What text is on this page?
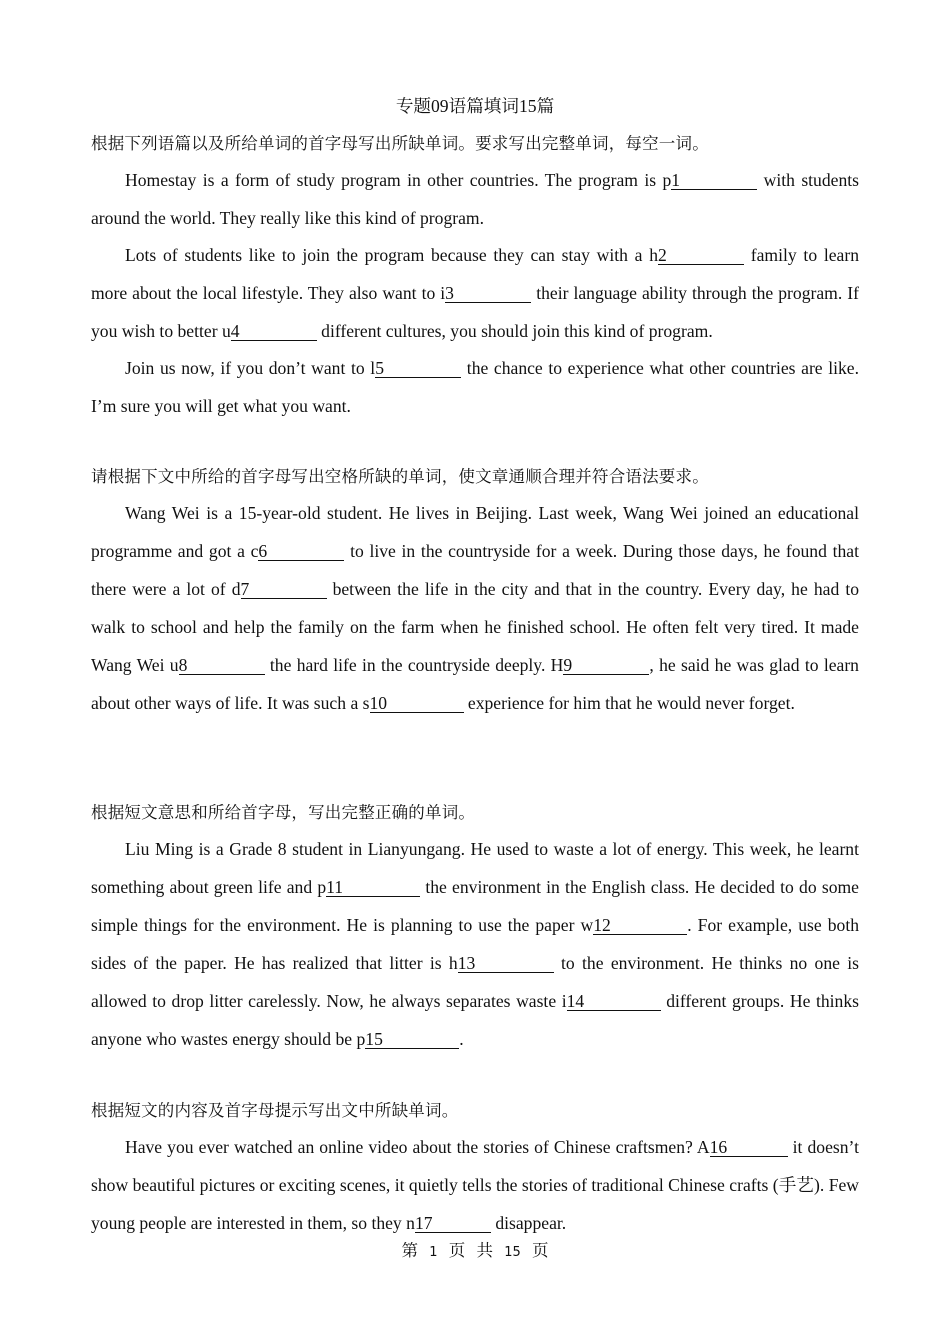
专题09语篇填词15篇
根据下列语篇以及所给单词的首字母写出所缺单词。要求写出完整单词，每空一词。
Homestay is a form of study program in other countries. The program is p1	with students around the world. They really like this kind of program.
Lots of students like to join the program because they can stay with a h2	family to learn more about the local lifestyle. They also want to i3	their language ability through the program. If you wish to better u4	different cultures, you should join this kind of program.
Join us now, if you don’t want to l5	the chance to experience what other countries are like. I’m sure you will get what you want.
请根据下文中所给的首字母写出空格所缺的单词，使文章通顺合理并符合语法要求。
Wang Wei is a 15-year-old student. He lives in Beijing. Last week, Wang Wei joined an educational programme and got a c6	to live in the countryside for a week. During those days, he found that there were a lot of d7	between the life in the city and that in the country. Every day, he had to walk to school and help the family on the farm when he finished school. He often felt very tired. It made Wang Wei u8	the hard life in the countryside deeply. H9	, he said he was glad to learn about other ways of life. It was such a s10	experience for him that he would never forget.
根据短文意思和所给首字母，写出完整正确的单词。
Liu Ming is a Grade 8 student in Lianyungang. He used to waste a lot of energy. This week, he learnt something about green life and p11	the environment in the English class. He decided to do some simple things for the environment. He is planning to use the paper w12	. For example, use both sides of the paper. He has realized that litter is h13	to the environment. He thinks no one is allowed to drop litter carelessly. Now, he always separates waste i14	different groups. He thinks anyone who wastes energy should be p15	.
根据短文的内容及首字母提示写出文中所缺单词。
Have you ever watched an online video about the stories of Chinese craftsmen? A16	it doesn’t show beautiful pictures or exciting scenes, it quietly tells the stories of traditional Chinese crafts (手艺). Few young people are interested in them, so they n17	disappear.
第 1 页 共 15 页
